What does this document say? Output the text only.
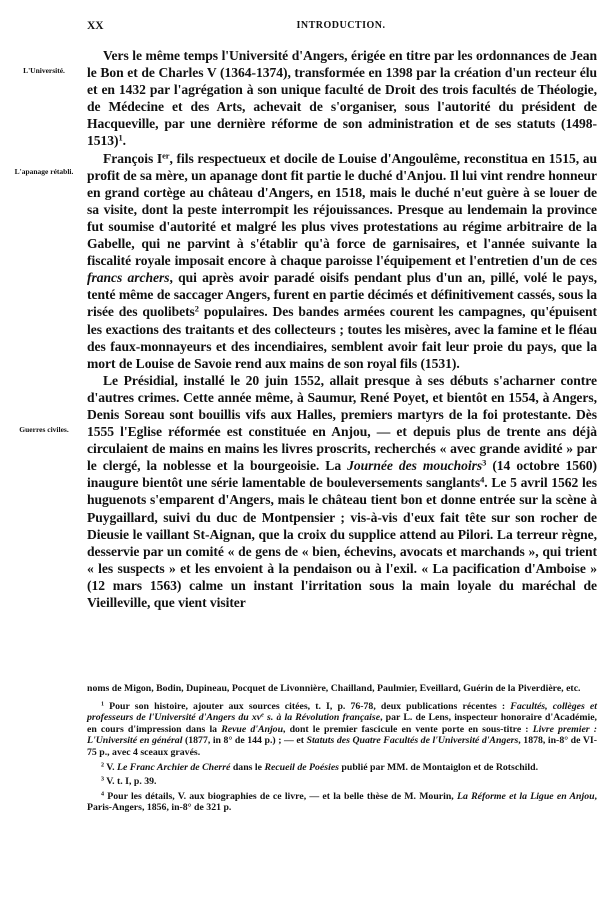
XX	INTRODUCTION.
L'Université.
L'apanage rétabli.
Guerres civiles.

Vers le même temps l'Université d'Angers, érigée en titre par les ordonnances de Jean le Bon et de Charles V (1364-1374), transformée en 1398 par la création d'un recteur élu et en 1432 par l'agrégation à son unique faculté de Droit des trois facultés de Théologie, de Médecine et des Arts, achevait de s'organiser, sous l'autorité du président de Hacqueville, par une dernière réforme de son administration et de ses statuts (1498-1513)$^1$.

François Ier, fils respectueux et docile de Louise d'Angoulême, reconstitua en 1515, au profit de sa mère, un apanage dont fit partie le duché d'Anjou. Il lui vint rendre honneur en grand cortège au château d'Angers, en 1518, mais le duché n'eut guère à se louer de sa visite, dont la peste interrompit les réjouissances. Presque au lendemain la province fut soumise d'autorité et malgré les plus vives protestations au régime arbitraire de la Gabelle, qui ne parvint à s'établir qu'à force de garnisaires, et l'année suivante la fiscalité royale imposait encore à chaque paroisse l'équipement et l'entretien d'un de ces francs archers, qui après avoir paradé oisifs pendant plus d'un an, pillé, volé le pays, tenté même de saccager Angers, furent en partie décimés et définitivement cassés, sous la risée des quolibets$^2$ populaires. Des bandes armées courent les campagnes, qu'épuisent les exactions des traitants et des collecteurs ; toutes les misères, avec la famine et le fléau des faux-monnayeurs et des incendiaires, semblent avoir fait leur proie du pays, que la mort de Louise de Savoie rend aux mains de son royal fils (1531).

Le Présidial, installé le 20 juin 1552, allait presque à ses débuts s'acharner contre d'autres crimes. Cette année même, à Saumur, René Poyet, et bientôt en 1554, à Angers, Denis Soreau sont bouillis vifs aux Halles, premiers martyrs de la foi protestante. Dès 1555 l'Eglise réformée est constituée en Anjou, — et depuis plus de trente ans déjà circulaient de mains en mains les livres proscrits, recherchés « avec grande avidité » par le clergé, la noblesse et la bourgeoisie. La Journée des mouchoirs$^3$ (14 octobre 1560) inaugure bientôt une série lamentable de bouleversements sanglants$^4$. Le 5 avril 1562 les huguenots s'emparent d'Angers, mais le château tient bon et donne entrée sur la scène à Puygaillard, suivi du duc de Montpensier ; vis-à-vis d'eux fait tête sur son rocher de Dieusie le vaillant St-Aignan, que la croix du supplice attend au Pilori. La terreur règne, desservie par un comité « de gens de « bien, échevins, avocats et marchands », qui trient « les suspects » et les envoient à la pendaison ou à l'exil. « La pacification d'Amboise » (12 mars 1563) calme un instant l'irritation sous la main loyale du maréchal de Vieilleville, que vient visiter

noms de Migon, Bodin, Dupineau, Pocquet de Livonnière, Chailland, Paulmier, Eveillard, Guérin de la Piverdière, etc.

$^1$ Pour son histoire, ajouter aux sources citées, t. I, p. 76-78, deux publications récentes : Facultés, collèges et professeurs de l'Université d'Angers du $xv^e$ s. à la Révolution française, par L. de Lens, inspecteur honoraire d'Académie, en cours d'impression dans la Revue d'Anjou, dont le premier fascicule en vente porte en sous-titre : Livre premier : L'Université en général (1877, in 8° de 144 p.) ; — et Statuts des Quatre Facultés de l'Université d'Angers, 1878, in-8° de VI-75 p., avec 4 sceaux gravés.

$^2$ V. Le Franc Archier de Cherré dans le Recueil de Poésies publié par MM. de Montaiglon et de Rotschild.

$^3$ V. t. I, p. 39.

$^4$ Pour les détails, V. aux biographies de ce livre, — et la belle thèse de M. Mourin, La Réforme et la Ligue en Anjou, Paris-Angers, 1856, in-8° de 321 p.
